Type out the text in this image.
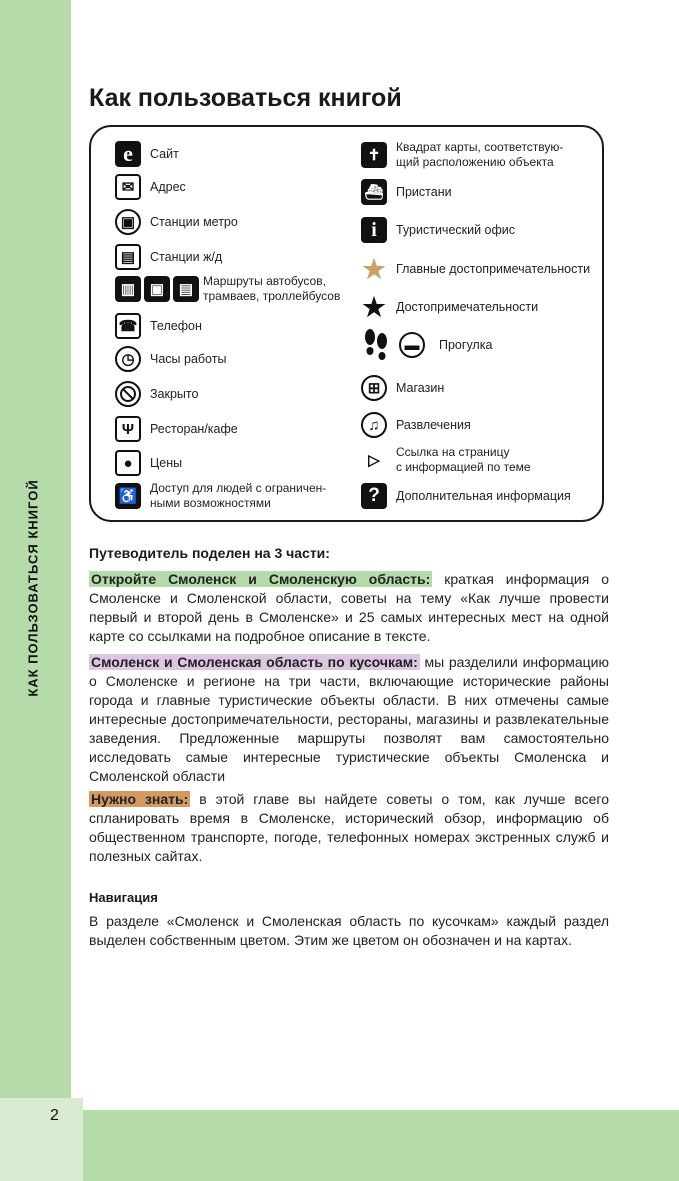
КАК ПОЛЬЗОВАТЬСЯ КНИГОЙ
2
Как пользоваться книгой
e	Сайт
✉	Адрес
▣	Станции метро
▤	Станции ж/д
▥ ▣ ▤ Маршруты автобусов,
трамваев, троллейбусов
☎ Телефон
◷	Часы работы
Закрыто
Ψ	Ресторан/кафе
●	Цены
♿	Доступ для людей с ограничен-
ными возможностями
✝	Квадрат карты, соответствую-
щий расположению объекта
⛴ Пристани
i	Туристический офис
★ Главные достопримечательности
★ Достопримечательности
▬	Прогулка
⊞	Магазин
♫	Развлечения
▷	Ссылка на страницу
с информацией по теме
?	Дополнительная информация

Путеводитель поделен на 3 части:

Откройте Смоленск и Смоленскую область: краткая информация о Смоленске и Смоленской области, советы на тему «Как лучше провести первый и второй день в Смоленске» и 25 самых интересных мест на одной карте со ссылками на подробное описание в тексте.

Смоленск и Смоленская область по кусочкам: мы разделили информацию о Смоленске и регионе на три части, включающие исторические районы города и главные туристические объекты области. В них отмечены самые интересные достопримечательности, рестораны, магазины и развлекательные заведения. Предложенные маршруты позволят вам самостоятельно исследовать самые интересные туристические объекты Смоленска и Смоленской области

Нужно знать: в этой главе вы найдете советы о том, как лучше всего спланировать время в Смоленске, исторический обзор, информацию об общественном транспорте, погоде, телефонных номерах экстренных служб и полезных сайтах.

Навигация

В разделе «Смоленск и Смоленская область по кусочкам» каждый раздел выделен собственным цветом. Этим же цветом он обозначен и на картах.
